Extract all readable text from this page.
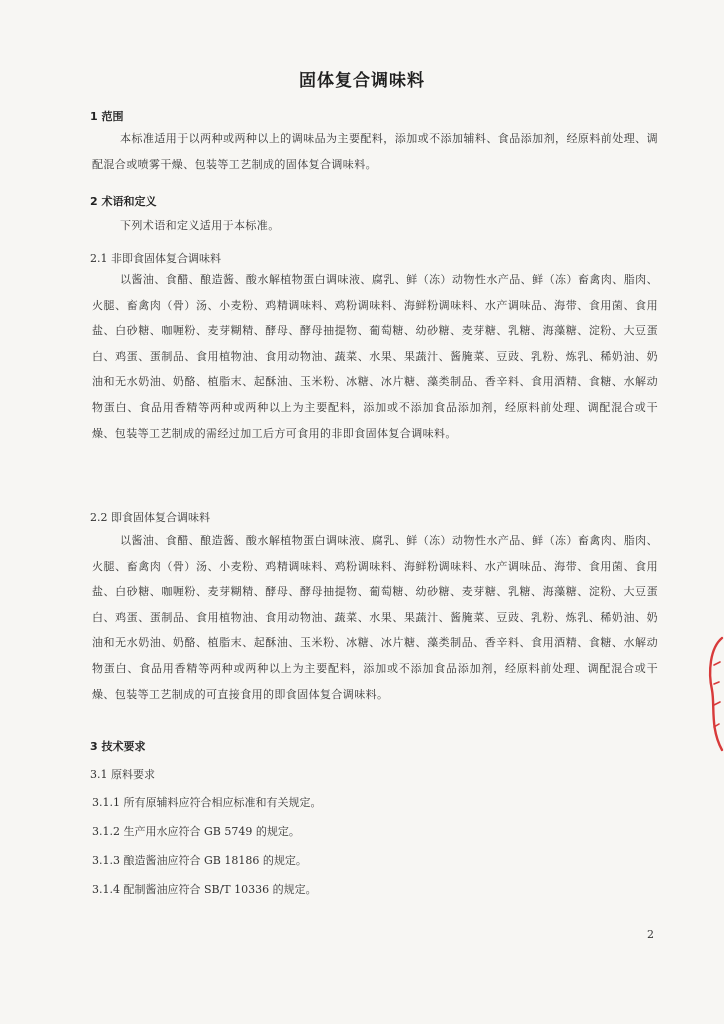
固体复合调味料
1 范围
本标准适用于以两种或两种以上的调味品为主要配料，添加或不添加辅料、食品添加剂，经原料前处理、调配混合或喷雾干燥、包装等工艺制成的固体复合调味料。
2 术语和定义
下列术语和定义适用于本标准。
2.1 非即食固体复合调味料
以酱油、食醋、酿造酱、酸水解植物蛋白调味液、腐乳、鲜（冻）动物性水产品、鲜（冻）畜禽肉、脂肉、火腿、畜禽肉（骨）汤、小麦粉、鸡精调味料、鸡粉调味料、海鲜粉调味料、水产调味品、海带、食用菌、食用盐、白砂糖、咖喱粉、麦芽糊精、酵母、酵母抽提物、葡萄糖、幼砂糖、麦芽糖、乳糖、海藻糖、淀粉、大豆蛋白、鸡蛋、蛋制品、食用植物油、食用动物油、蔬菜、水果、果蔬汁、酱腌菜、豆豉、乳粉、炼乳、稀奶油、奶油和无水奶油、奶酪、植脂末、起酥油、玉米粉、冰糖、冰片糖、藻类制品、香辛料、食用酒精、食糖、水解动物蛋白、食品用香精等两种或两种以上为主要配料，添加或不添加食品添加剂，经原料前处理、调配混合或干燥、包装等工艺制成的需经过加工后方可食用的非即食固体复合调味料。
2.2 即食固体复合调味料
以酱油、食醋、酿造酱、酸水解植物蛋白调味液、腐乳、鲜（冻）动物性水产品、鲜（冻）畜禽肉、脂肉、火腿、畜禽肉（骨）汤、小麦粉、鸡精调味料、鸡粉调味料、海鲜粉调味料、水产调味品、海带、食用菌、食用盐、白砂糖、咖喱粉、麦芽糊精、酵母、酵母抽提物、葡萄糖、幼砂糖、麦芽糖、乳糖、海藻糖、淀粉、大豆蛋白、鸡蛋、蛋制品、食用植物油、食用动物油、蔬菜、水果、果蔬汁、酱腌菜、豆豉、乳粉、炼乳、稀奶油、奶油和无水奶油、奶酪、植脂末、起酥油、玉米粉、冰糖、冰片糖、藻类制品、香辛料、食用酒精、食糖、水解动物蛋白、食品用香精等两种或两种以上为主要配料，添加或不添加食品添加剂，经原料前处理、调配混合或干燥、包装等工艺制成的可直接食用的即食固体复合调味料。
3 技术要求
3.1 原料要求
3.1.1 所有原辅料应符合相应标准和有关规定。
3.1.2 生产用水应符合 GB 5749 的规定。
3.1.3 酿造酱油应符合 GB 18186 的规定。
3.1.4 配制酱油应符合 SB/T 10336 的规定。
2
